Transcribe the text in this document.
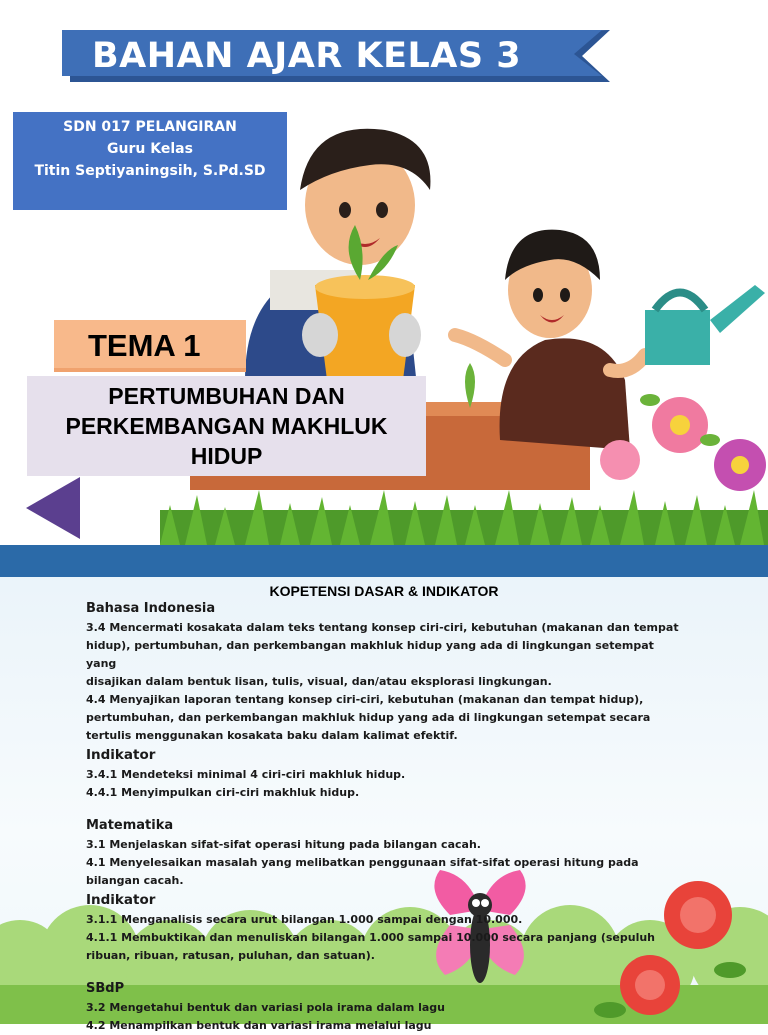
BAHAN AJAR KELAS 3
SDN 017 PELANGIRAN
Guru Kelas
Titin Septiyaningsih, S.Pd.SD
TEMA 1
PERTUMBUHAN DAN
PERKEMBANGAN MAKHLUK
HIDUP
KOPETENSI DASAR & INDIKATOR
Bahasa Indonesia

3.4 Mencermati kosakata dalam teks tentang konsep ciri-ciri, kebutuhan (makanan dan tempat

hidup), pertumbuhan, dan perkembangan makhluk hidup yang ada di lingkungan setempat yang

disajikan dalam bentuk lisan, tulis, visual, dan/atau eksplorasi lingkungan.

4.4 Menyajikan laporan tentang konsep ciri-ciri, kebutuhan (makanan dan tempat hidup),

pertumbuhan, dan perkembangan makhluk hidup yang ada di lingkungan setempat secara

tertulis menggunakan kosakata baku dalam kalimat efektif.

Indikator

3.4.1 Mendeteksi minimal 4 ciri-ciri makhluk hidup.

4.4.1 Menyimpulkan ciri-ciri makhluk hidup.

Matematika

3.1 Menjelaskan sifat-sifat operasi hitung pada bilangan cacah.

4.1 Menyelesaikan masalah yang melibatkan penggunaan sifat-sifat operasi hitung pada

bilangan cacah.

Indikator

3.1.1 Menganalisis secara urut bilangan 1.000 sampai dengan 10.000.

4.1.1 Membuktikan dan menuliskan bilangan 1.000 sampai 10.000 secara panjang (sepuluh

ribuan, ribuan, ratusan, puluhan, dan satuan).

SBdP

3.2 Mengetahui bentuk dan variasi pola irama dalam lagu

4.2 Menampilkan bentuk dan variasi irama melalui lagu
